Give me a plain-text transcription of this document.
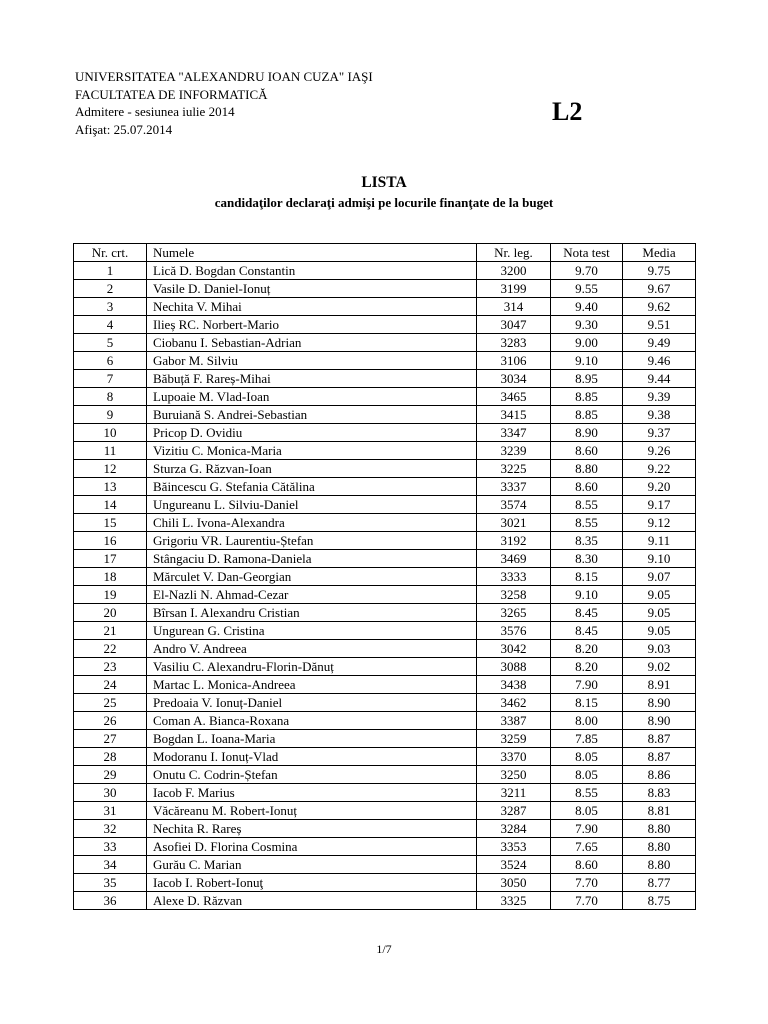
UNIVERSITATEA "ALEXANDRU IOAN CUZA" IAŞI
FACULTATEA DE INFORMATICĂ
Admitere - sesiunea iulie 2014
Afişat: 25.07.2014
L2
LISTA
candidaţilor declaraţi admişi pe locurile finanţate de la buget
Nr. crt.	Numele	Nr. leg.	Nota test	Media
1	Lică D. Bogdan Constantin	3200	9.70	9.75
2	Vasile D. Daniel-Ionuț	3199	9.55	9.67
3	Nechita V. Mihai	314	9.40	9.62
4	Ilieș RC. Norbert-Mario	3047	9.30	9.51
5	Ciobanu I. Sebastian-Adrian	3283	9.00	9.49
6	Gabor M. Silviu	3106	9.10	9.46
7	Băbuță F. Rareș-Mihai	3034	8.95	9.44
8	Lupoaie M. Vlad-Ioan	3465	8.85	9.39
9	Buruiană S. Andrei-Sebastian	3415	8.85	9.38
10	Pricop D. Ovidiu	3347	8.90	9.37
11	Vizitiu C. Monica-Maria	3239	8.60	9.26
12	Sturza G. Răzvan-Ioan	3225	8.80	9.22
13	Băincescu G. Stefania Cătălina	3337	8.60	9.20
14	Ungureanu L. Silviu-Daniel	3574	8.55	9.17
15	Chili L. Ivona-Alexandra	3021	8.55	9.12
16	Grigoriu VR. Laurentiu-Ștefan	3192	8.35	9.11
17	Stângaciu D. Ramona-Daniela	3469	8.30	9.10
18	Mărculet V. Dan-Georgian	3333	8.15	9.07
19	El-Nazli N. Ahmad-Cezar	3258	9.10	9.05
20	Bîrsan I. Alexandru Cristian	3265	8.45	9.05
21	Ungurean G. Cristina	3576	8.45	9.05
22	Andro V. Andreea	3042	8.20	9.03
23	Vasiliu C. Alexandru-Florin-Dănuț	3088	8.20	9.02
24	Martac L. Monica-Andreea	3438	7.90	8.91
25	Predoaia V. Ionuț-Daniel	3462	8.15	8.90
26	Coman A. Bianca-Roxana	3387	8.00	8.90
27	Bogdan L. Ioana-Maria	3259	7.85	8.87
28	Modoranu I. Ionuț-Vlad	3370	8.05	8.87
29	Onutu C. Codrin-Ștefan	3250	8.05	8.86
30	Iacob F. Marius	3211	8.55	8.83
31	Văcăreanu M. Robert-Ionuț	3287	8.05	8.81
32	Nechita R. Rareș	3284	7.90	8.80
33	Asofiei D. Florina Cosmina	3353	7.65	8.80
34	Gurău C. Marian	3524	8.60	8.80
35	Iacob I. Robert-Ionuţ	3050	7.70	8.77
36	Alexe D. Răzvan	3325	7.70	8.75
1/7
